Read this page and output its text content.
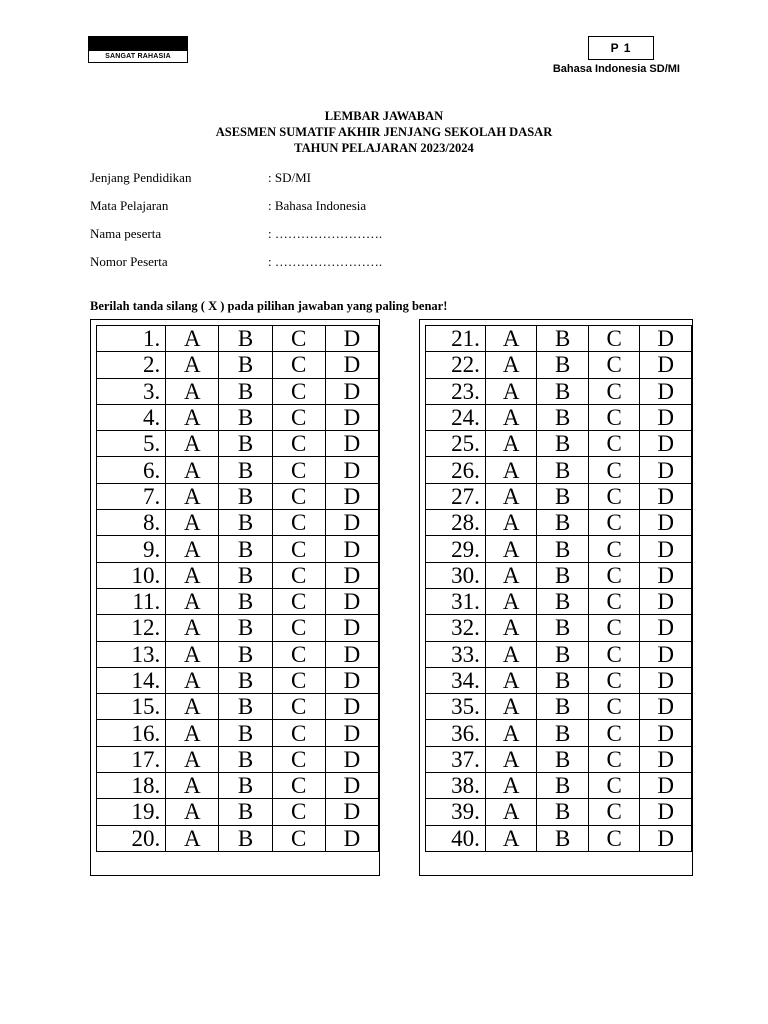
SANGAT RAHASIA
P 1
Bahasa Indonesia SD/MI
LEMBAR JAWABAN
ASESMEN SUMATIF AKHIR JENJANG SEKOLAH DASAR
TAHUN PELAJARAN 2023/2024
Jenjang Pendidikan	: SD/MI
Mata Pelajaran	: Bahasa Indonesia
Nama peserta	: …………………….
Nomor Peserta	: …………………….
Berilah tanda silang ( X ) pada pilihan jawaban yang paling benar!
1.	A	B	C	D
2.	A	B	C	D
3.	A	B	C	D
4.	A	B	C	D
5.	A	B	C	D
6.	A	B	C	D
7.	A	B	C	D
8.	A	B	C	D
9.	A	B	C	D
10.	A	B	C	D
11.	A	B	C	D
12.	A	B	C	D
13.	A	B	C	D
14.	A	B	C	D
15.	A	B	C	D
16.	A	B	C	D
17.	A	B	C	D
18.	A	B	C	D
19.	A	B	C	D
20.	A	B	C	D
21.	A	B	C	D
22.	A	B	C	D
23.	A	B	C	D
24.	A	B	C	D
25.	A	B	C	D
26.	A	B	C	D
27.	A	B	C	D
28.	A	B	C	D
29.	A	B	C	D
30.	A	B	C	D
31.	A	B	C	D
32.	A	B	C	D
33.	A	B	C	D
34.	A	B	C	D
35.	A	B	C	D
36.	A	B	C	D
37.	A	B	C	D
38.	A	B	C	D
39.	A	B	C	D
40.	A	B	C	D
